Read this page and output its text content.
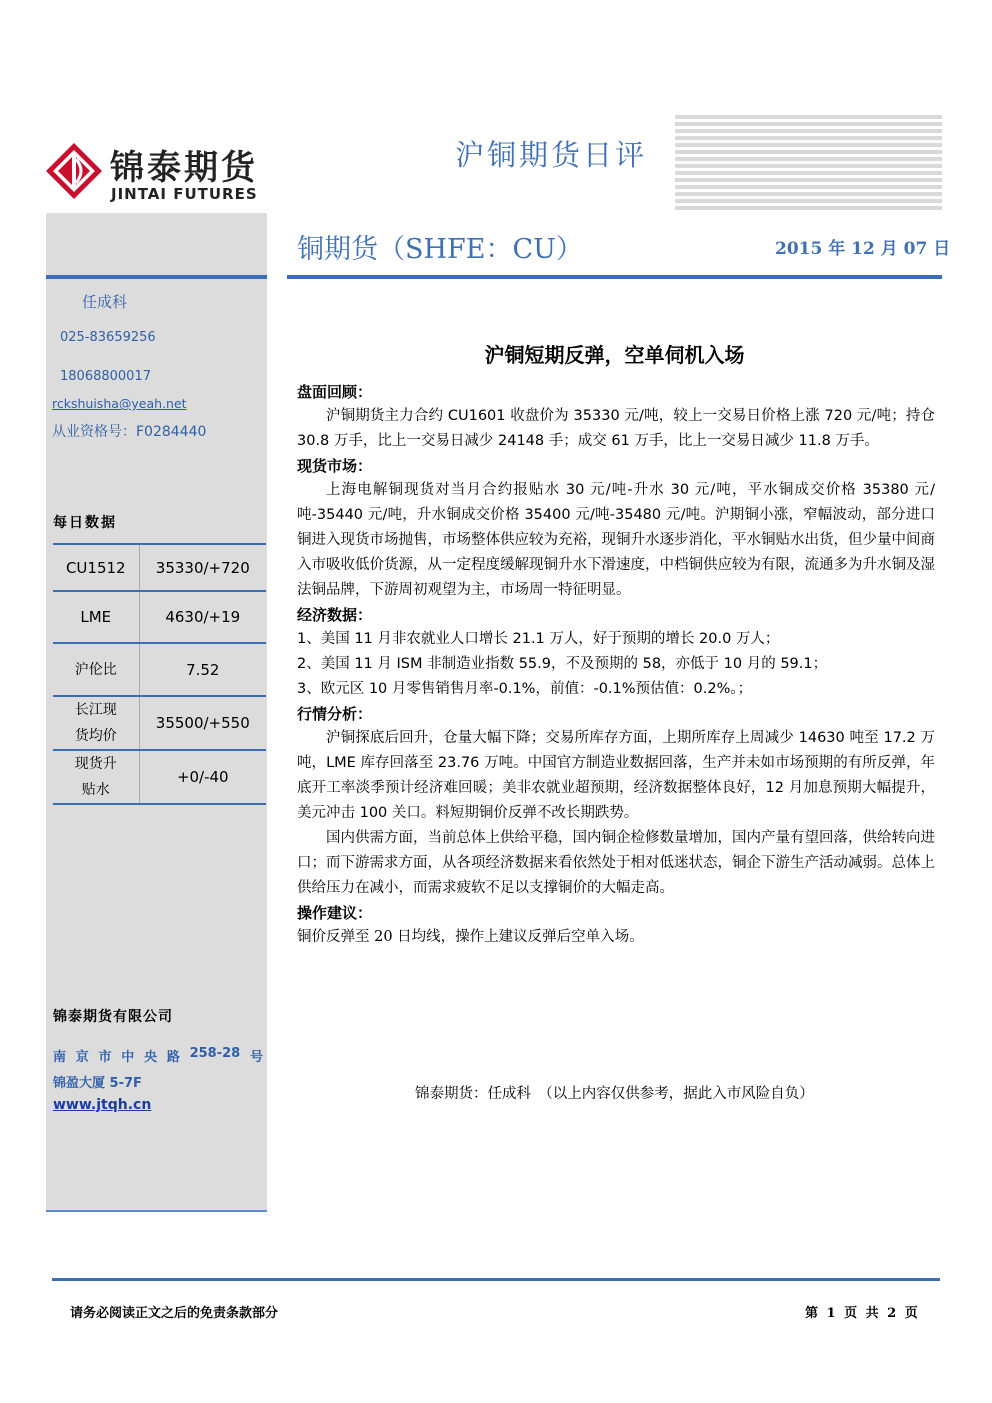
锦泰期货
JINTAI FUTURES
沪铜期货日评
铜期货（SHFE：CU）	2015 年 12 月 07 日
任成科
025-83659256
18068800017
rckshuisha@yeah.net
从业资格号：F0284440
每日数据
CU1512	35330/+720
LME	4630/+19
沪伦比	7.52

长江现
货均价	35500/+550

现货升
贴水	+0/-40
锦泰期货有限公司
南 京 市 中 央 路 258-28 号
锦盈大厦 5-7F
www.jtqh.cn
沪铜短期反弹，空单伺机入场
盘面回顾：

沪铜期货主力合约 CU1601 收盘价为 35330 元/吨，较上一交易日价格上涨 720 元/吨；持仓 30.8 万手，比上一交易日减少 24148 手；成交 61 万手，比上一交易日减少 11.8 万手。

现货市场：

上海电解铜现货对当月合约报贴水 30 元/吨-升水 30 元/吨，平水铜成交价格 35380 元/吨-35440 元/吨，升水铜成交价格 35400 元/吨-35480 元/吨。沪期铜小涨，窄幅波动，部分进口铜进入现货市场抛售，市场整体供应较为充裕，现铜升水逐步消化，平水铜贴水出货，但少量中间商入市吸收低价货源，从一定程度缓解现铜升水下滑速度，中档铜供应较为有限，流通多为升水铜及湿法铜品牌，下游周初观望为主，市场周一特征明显。

经济数据：

1、美国 11 月非农就业人口增长 21.1 万人，好于预期的增长 20.0 万人；

2、美国 11 月 ISM 非制造业指数 55.9，不及预期的 58，亦低于 10 月的 59.1；

3、欧元区 10 月零售销售月率-0.1%，前值：-0.1%预估值：0.2%。；

行情分析：

沪铜探底后回升，仓量大幅下降；交易所库存方面，上期所库存上周减少 14630 吨至 17.2 万吨，LME 库存回落至 23.76 万吨。中国官方制造业数据回落，生产并未如市场预期的有所反弹，年底开工率淡季预计经济难回暖；美非农就业超预期，经济数据整体良好，12 月加息预期大幅提升，美元冲击 100 关口。料短期铜价反弹不改长期跌势。

国内供需方面，当前总体上供给平稳，国内铜企检修数量增加，国内产量有望回落，供给转向进口；而下游需求方面，从各项经济数据来看依然处于相对低迷状态，铜企下游生产活动减弱。总体上供给压力在减小，而需求疲软不足以支撑铜价的大幅走高。

操作建议：

铜价反弹至 20 日均线，操作上建议反弹后空单入场。

锦泰期货：任成科　（以上内容仅供参考，据此入市风险自负）
请务必阅读正文之后的免责条款部分	第 1 页 共 2 页
